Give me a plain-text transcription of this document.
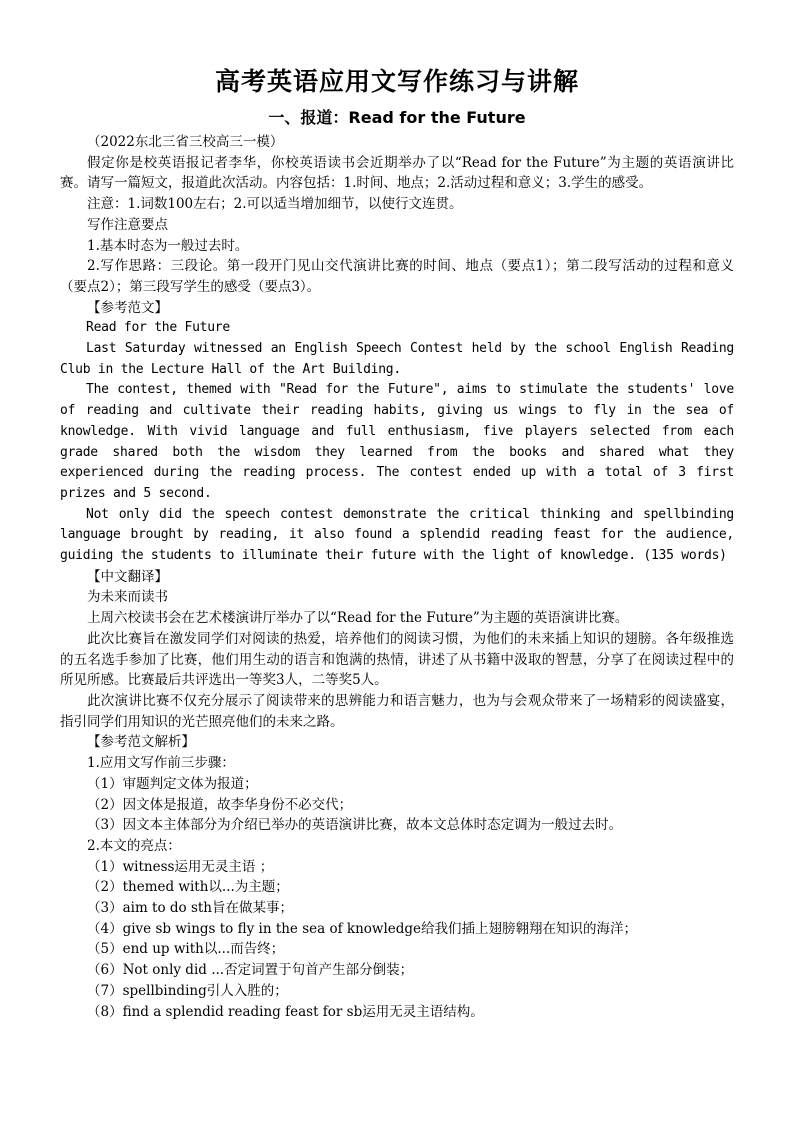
高考英语应用文写作练习与讲解
一、报道：Read for the Future

（2022东北三省三校高三一模）

假定你是校英语报记者李华，你校英语读书会近期举办了以“Read for the Future”为主题的英语演讲比赛。请写一篇短文，报道此次活动。内容包括：1.时间、地点；2.活动过程和意义；3.学生的感受。

注意：1.词数100左右；2.可以适当增加细节，以使行文连贯。

写作注意要点

1.基本时态为一般过去时。

2.写作思路：三段论。第一段开门见山交代演讲比赛的时间、地点（要点1）；第二段写活动的过程和意义（要点2）；第三段写学生的感受（要点3）。

【参考范文】

Read for the Future

Last Saturday witnessed an English Speech Contest held by the school English Reading Club in the Lecture Hall of the Art Building.

The contest, themed with "Read for the Future", aims to stimulate the students' love of reading and cultivate their reading habits, giving us wings to fly in the sea of knowledge. With vivid language and full enthusiasm, five players selected from each grade shared both the wisdom they learned from the books and shared what they experienced during the reading process. The contest ended up with a total of 3 first prizes and 5 second.

Not only did the speech contest demonstrate the critical thinking and spellbinding language brought by reading, it also found a splendid reading feast for the audience, guiding the students to illuminate their future with the light of knowledge. (135 words)

【中文翻译】

为未来而读书

上周六校读书会在艺术楼演讲厅举办了以“Read for the Future”为主题的英语演讲比赛。

此次比赛旨在激发同学们对阅读的热爱，培养他们的阅读习惯，为他们的未来插上知识的翅膀。各年级推选的五名选手参加了比赛，他们用生动的语言和饱满的热情，讲述了从书籍中汲取的智慧，分享了在阅读过程中的所见所感。比赛最后共评选出一等奖3人，二等奖5人。

此次演讲比赛不仅充分展示了阅读带来的思辨能力和语言魅力，也为与会观众带来了一场精彩的阅读盛宴，指引同学们用知识的光芒照亮他们的未来之路。

【参考范文解析】

1.应用文写作前三步骤：

（1）审题判定文体为报道；

（2）因文体是报道，故李华身份不必交代；

（3）因文本主体部分为介绍已举办的英语演讲比赛，故本文总体时态定调为一般过去时。

2.本文的亮点：

（1）witness运用无灵主语 ；

（2）themed with以...为主题；

（3）aim to do sth旨在做某事；

（4）give sb wings to fly in the sea of knowledge给我们插上翅膀翱翔在知识的海洋；

（5）end up with以...而告终；

（6）Not only did ...否定词置于句首产生部分倒装；

（7）spellbinding引人入胜的；

（8）find a splendid reading feast for sb运用无灵主语结构。
